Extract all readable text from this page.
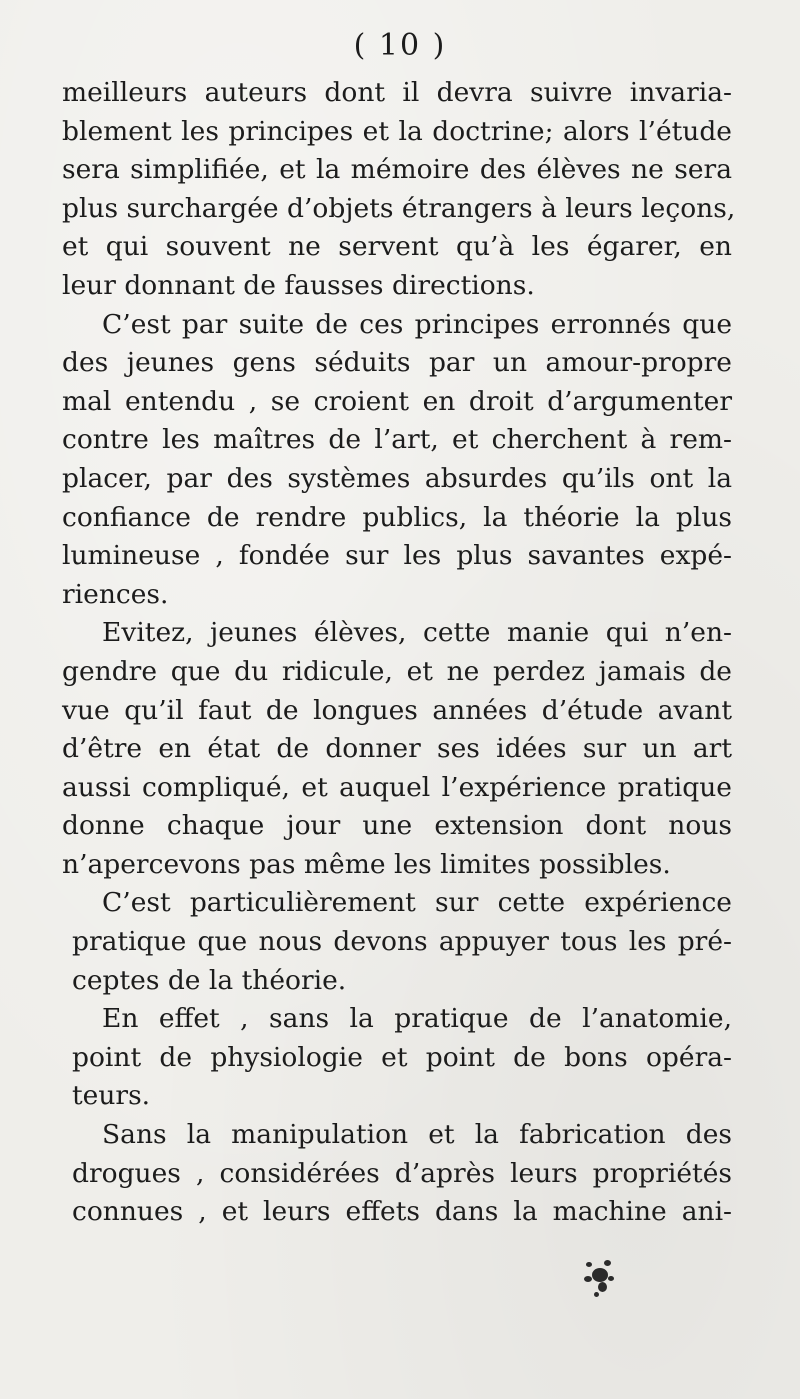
( 10 )
meilleurs auteurs dont il devra suivre invaria-
blement les principes et la doctrine; alors l’étude
sera simplifiée, et la mémoire des élèves ne sera
plus surchargée d’objets étrangers à leurs leçons,
et qui souvent ne servent qu’à les égarer, en
leur donnant de fausses directions.
C’est par suite de ces principes erronnés que
des jeunes gens séduits par un amour-propre
mal entendu , se croient en droit d’argumenter
contre les maîtres de l’art, et cherchent à rem-
placer, par des systèmes absurdes qu’ils ont la
confiance de rendre publics, la théorie la plus
lumineuse , fondée sur les plus savantes expé-
riences.
Evitez, jeunes élèves, cette manie qui n’en-
gendre que du ridicule, et ne perdez jamais de
vue qu’il faut de longues années d’étude avant
d’être en état de donner ses idées sur un art
aussi compliqué, et auquel l’expérience pratique
donne chaque jour une extension dont nous
n’apercevons pas même les limites possibles.
C’est particulièrement sur cette expérience
pratique que nous devons appuyer tous les pré-
ceptes de la théorie.
En effet , sans la pratique de l’anatomie,
point de physiologie et point de bons opéra-
teurs.
Sans la manipulation et la fabrication des
drogues , considérées d’après leurs propriétés
connues , et leurs effets dans la machine ani-
